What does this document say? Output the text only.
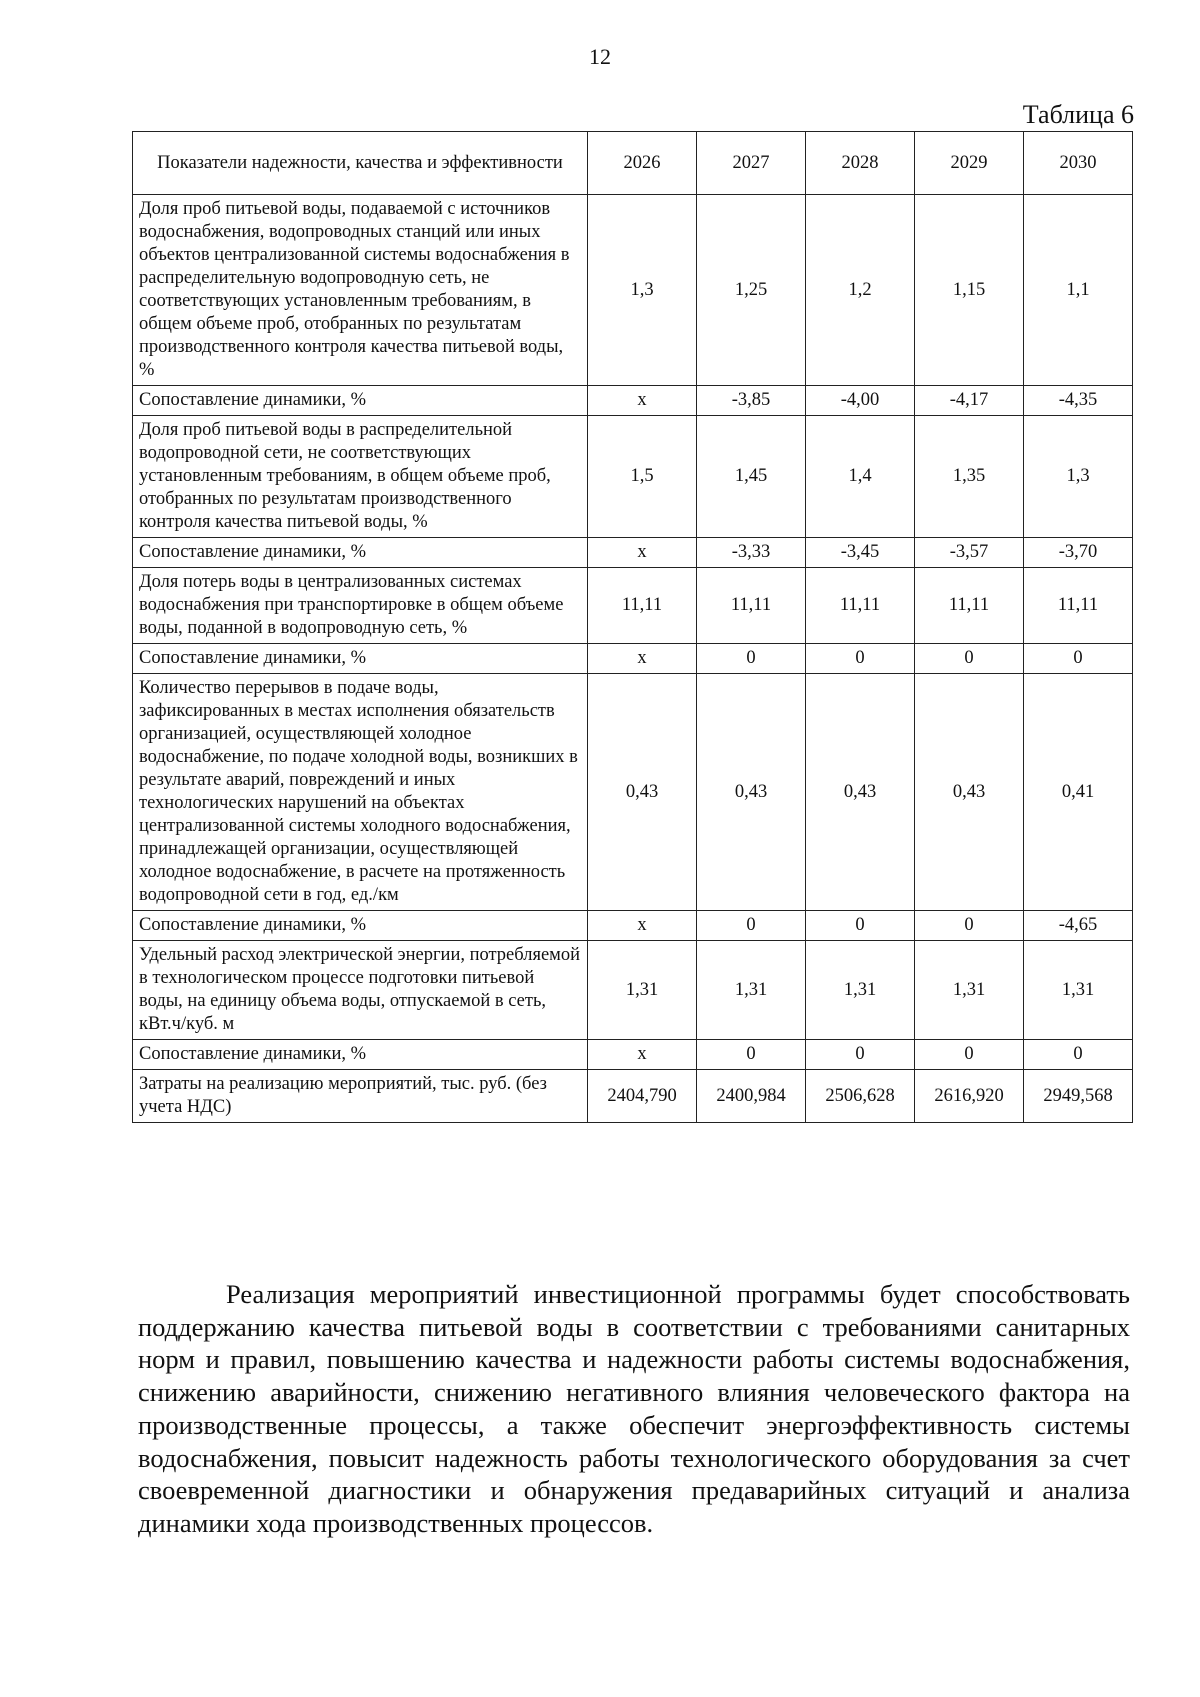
12
Таблица 6
Показатели надежности, качества и эффективности	2026	2027	2028	2029	2030
Доля проб питьевой воды, подаваемой с источников водоснабжения, водопроводных станций или иных объектов централизованной системы водоснабжения в распределительную водопроводную сеть, не соответствующих установленным требованиям, в общем объеме проб, отобранных по результатам производственного контроля качества питьевой воды, %	1,3	1,25	1,2	1,15	1,1
Сопоставление динамики, %	х	-3,85	-4,00	-4,17	-4,35
Доля проб питьевой воды в распределительной водопроводной сети, не соответствующих установленным требованиям, в общем объеме проб, отобранных по результатам производственного контроля качества питьевой воды, %	1,5	1,45	1,4	1,35	1,3
Сопоставление динамики, %	х	-3,33	-3,45	-3,57	-3,70
Доля потерь воды в централизованных системах водоснабжения при транспортировке в общем объеме воды, поданной в водопроводную сеть, %	11,11	11,11	11,11	11,11	11,11
Сопоставление динамики, %	х	0	0	0	0
Количество перерывов в подаче воды, зафиксированных в местах исполнения обязательств организацией, осуществляющей холодное водоснабжение, по подаче холодной воды, возникших в результате аварий, повреждений и иных технологических нарушений на объектах централизованной системы холодного водоснабжения, принадлежащей организации, осуществляющей холодное водоснабжение, в расчете на протяженность водопроводной сети в год, ед./км	0,43	0,43	0,43	0,43	0,41
Сопоставление динамики, %	х	0	0	0	-4,65
Удельный расход электрической энергии, потребляемой в технологическом процессе подготовки питьевой воды, на единицу объема воды, отпускаемой в сеть, кВт.ч/куб. м	1,31	1,31	1,31	1,31	1,31
Сопоставление динамики, %	х	0	0	0	0
Затраты на реализацию мероприятий, тыс. руб. (без учета НДС)	2404,790	2400,984	2506,628	2616,920	2949,568

Реализация мероприятий инвестиционной программы будет способствовать поддержанию качества питьевой воды в соответствии с требованиями санитарных норм и правил, повышению качества и надежности работы системы водоснабжения, снижению аварийности, снижению негативного влияния человеческого фактора на производственные процессы, а также обеспечит энергоэффективность системы водоснабжения, повысит надежность работы технологического оборудования за счет своевременной диагностики и обнаружения предаварийных ситуаций и анализа динамики хода производственных процессов.
